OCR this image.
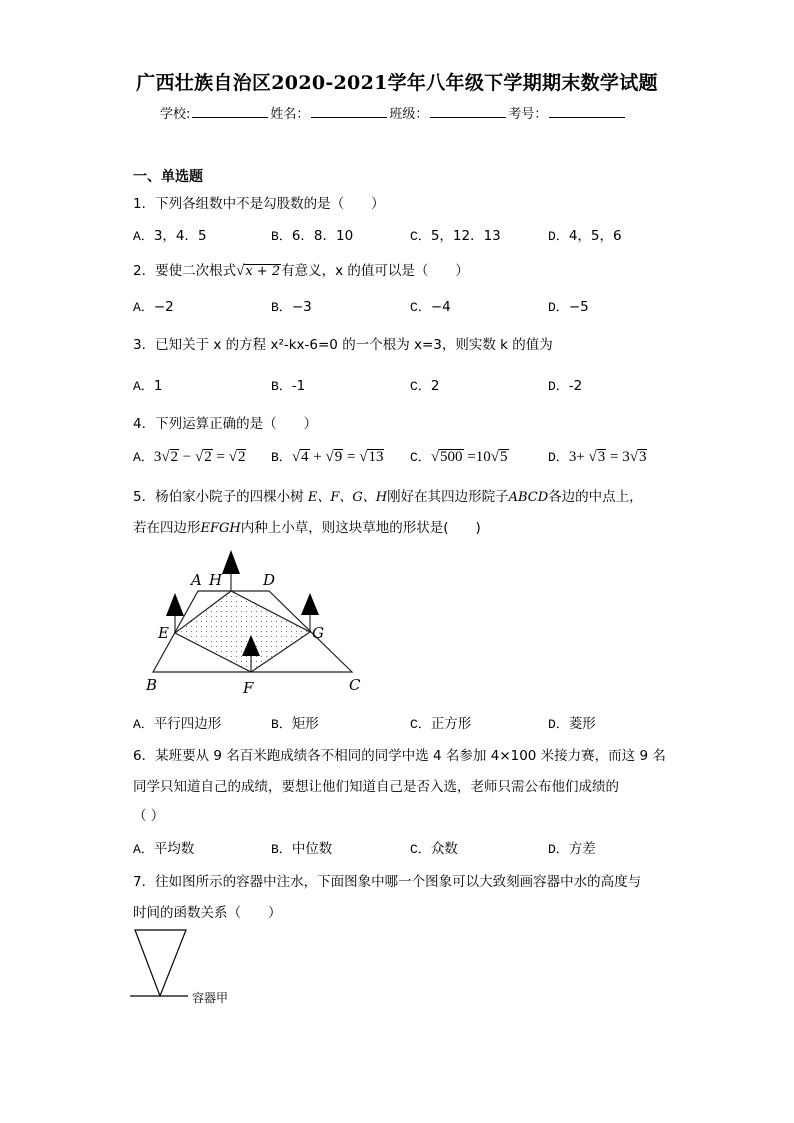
广西壮族自治区2020-2021学年八年级下学期期末数学试题
学校:	姓名：	班级：	考号：
一、单选题
1．下列各组数中不是勾股数的是（　　）
A．3，4．5	B．6．8．10	C．5，12．13	D．4，5，6
2．要使二次根式√x + 2有意义，x 的值可以是（　　）
A．−2	B．−3	C．−4	D．−5
3．已知关于 x 的方程 x²-kx-6=0 的一个根为 x=3，则实数 k 的值为
A．1	B．-1	C．2	D．-2
4．下列运算正确的是（　　）
A．3√2 − √2 = √2 B．√4 + √9 = √13 C．√500 =10√5	D．3+ √3 = 3√3
5．杨伯家小院子的四棵小树 E、F、G、H刚好在其四边形院子ABCD各边的中点上，
若在四边形EFGH内种上小草，则这块草地的形状是(　　)
A H	D
E	G
B	F	C
A．平行四边形	B．矩形	C．正方形	D．菱形
6．某班要从 9 名百米跑成绩各不相同的同学中选 4 名参加 4×100 米接力赛，而这 9 名
同学只知道自己的成绩，要想让他们知道自己是否入选，老师只需公布他们成绩的
（ ）
A．平均数	B．中位数	C．众数	D．方差
7．往如图所示的容器中注水，下面图象中哪一个图象可以大致刻画容器中水的高度与
时间的函数关系（　　）
容器甲
